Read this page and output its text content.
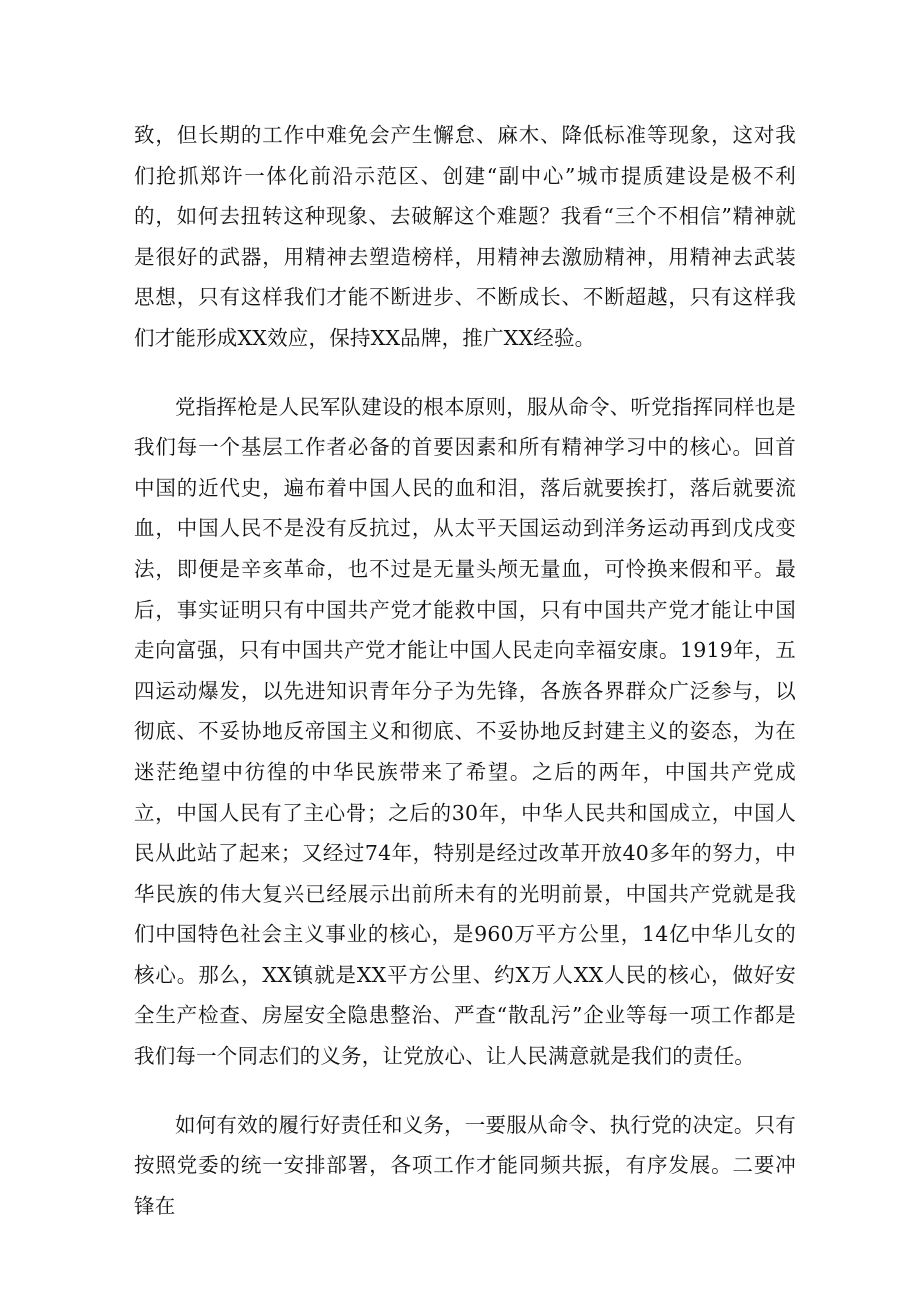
致，但长期的工作中难免会产生懈怠、麻木、降低标准等现象，这对我们抢抓郑许一体化前沿示范区、创建“副中心”城市提质建设是极不利的，如何去扭转这种现象、去破解这个难题？我看“三个不相信”精神就是很好的武器，用精神去塑造榜样，用精神去激励精神，用精神去武装思想，只有这样我们才能不断进步、不断成长、不断超越，只有这样我们才能形成XX效应，保持XX品牌，推广XX经验。

党指挥枪是人民军队建设的根本原则，服从命令、听党指挥同样也是我们每一个基层工作者必备的首要因素和所有精神学习中的核心。回首中国的近代史，遍布着中国人民的血和泪，落后就要挨打，落后就要流血，中国人民不是没有反抗过，从太平天国运动到洋务运动再到戊戌变法，即便是辛亥革命，也不过是无量头颅无量血，可怜换来假和平。最后，事实证明只有中国共产党才能救中国，只有中国共产党才能让中国走向富强，只有中国共产党才能让中国人民走向幸福安康。1919年，五四运动爆发，以先进知识青年分子为先锋，各族各界群众广泛参与，以彻底、不妥协地反帝国主义和彻底、不妥协地反封建主义的姿态，为在迷茫绝望中彷徨的中华民族带来了希望。之后的两年，中国共产党成立，中国人民有了主心骨；之后的30年，中华人民共和国成立，中国人民从此站了起来；又经过74年，特别是经过改革开放40多年的努力，中华民族的伟大复兴已经展示出前所未有的光明前景，中国共产党就是我们中国特色社会主义事业的核心，是960万平方公里，14亿中华儿女的核心。那么，XX镇就是XX平方公里、约X万人XX人民的核心，做好安全生产检查、房屋安全隐患整治、严查“散乱污”企业等每一项工作都是我们每一个同志们的义务，让党放心、让人民满意就是我们的责任。

如何有效的履行好责任和义务，一要服从命令、执行党的决定。只有按照党委的统一安排部署，各项工作才能同频共振，有序发展。二要冲锋在
